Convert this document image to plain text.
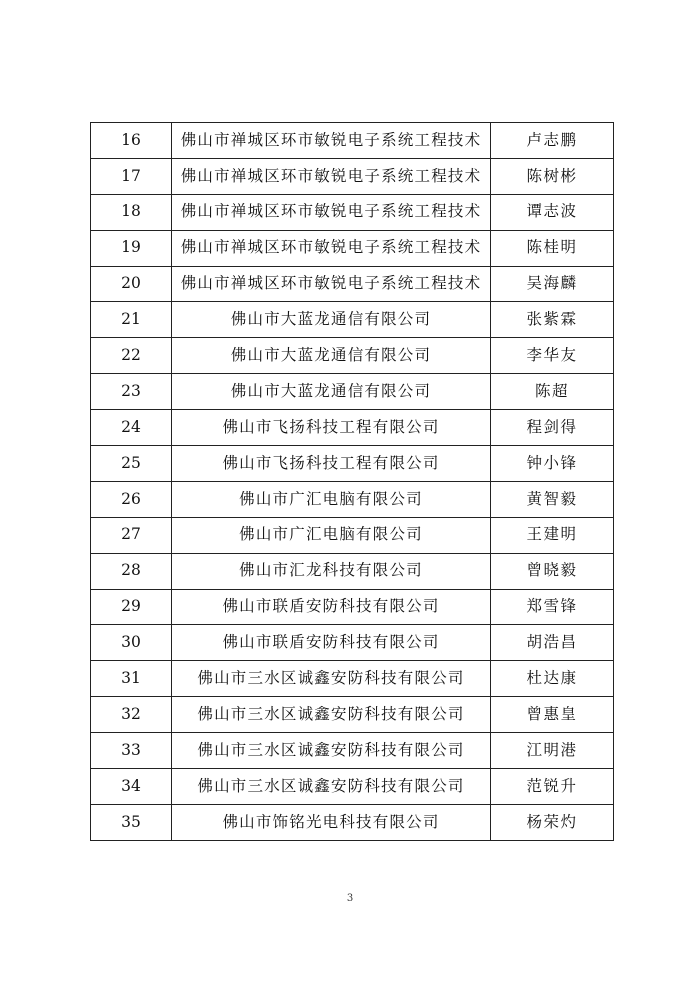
16	佛山市禅城区环市敏锐电子系统工程技术	卢志鹏
17	佛山市禅城区环市敏锐电子系统工程技术	陈树彬
18	佛山市禅城区环市敏锐电子系统工程技术	谭志波
19	佛山市禅城区环市敏锐电子系统工程技术	陈桂明
20	佛山市禅城区环市敏锐电子系统工程技术	吴海麟
21	佛山市大蓝龙通信有限公司	张紫霖
22	佛山市大蓝龙通信有限公司	李华友
23	佛山市大蓝龙通信有限公司	陈超
24	佛山市飞扬科技工程有限公司	程剑得
25	佛山市飞扬科技工程有限公司	钟小锋
26	佛山市广汇电脑有限公司	黄智毅
27	佛山市广汇电脑有限公司	王建明
28	佛山市汇龙科技有限公司	曾晓毅
29	佛山市联盾安防科技有限公司	郑雪锋
30	佛山市联盾安防科技有限公司	胡浩昌
31	佛山市三水区诚鑫安防科技有限公司	杜达康
32	佛山市三水区诚鑫安防科技有限公司	曾惠皇
33	佛山市三水区诚鑫安防科技有限公司	江明港
34	佛山市三水区诚鑫安防科技有限公司	范锐升
35	佛山市饰铭光电科技有限公司	杨荣灼
3
